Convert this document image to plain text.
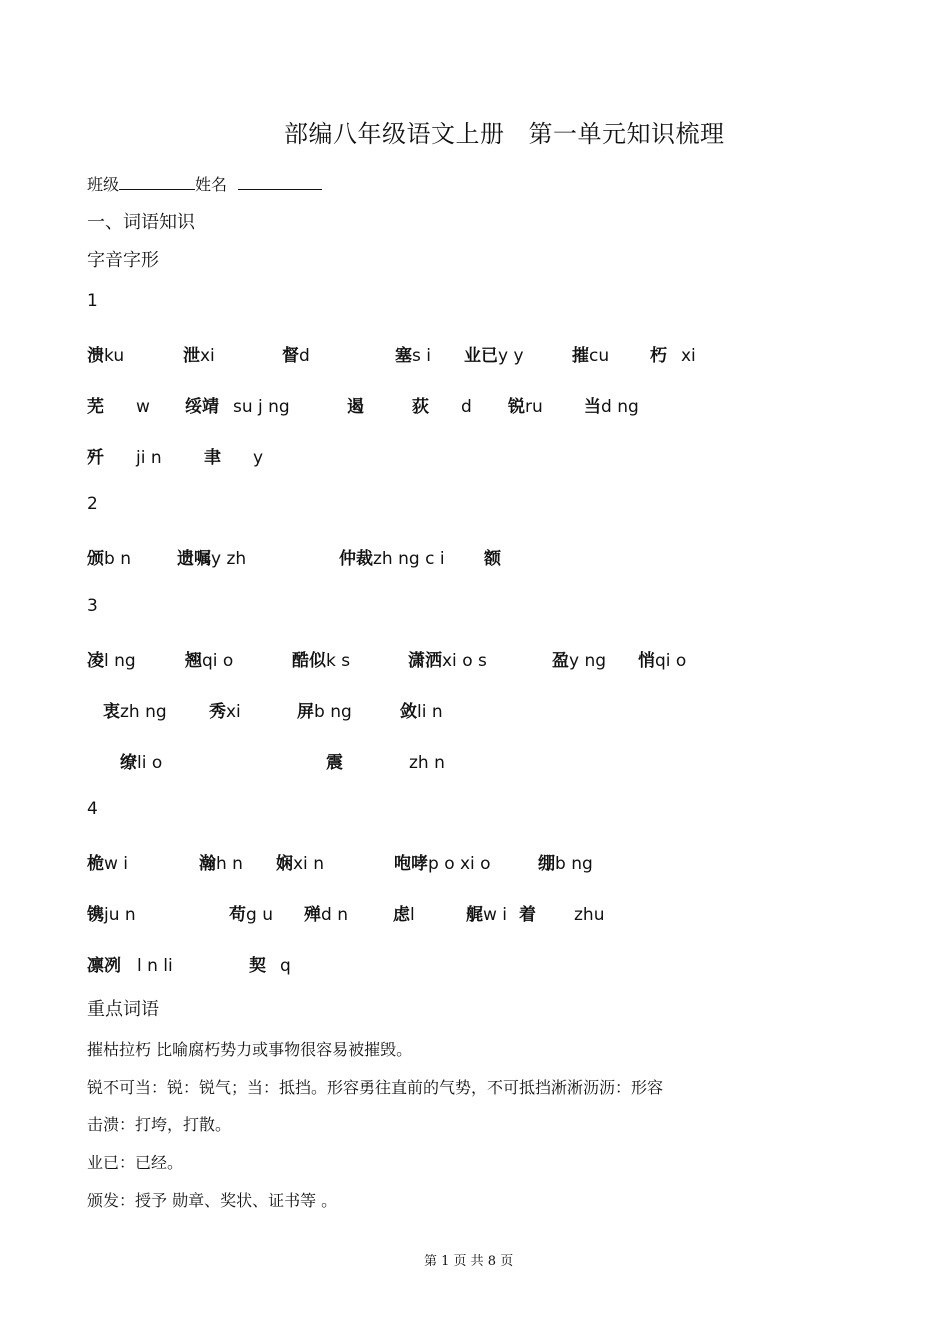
部编八年级语文上册 第一单元知识梳理
班级	姓名
一、词语知识
字音字形
1
溃ku	泄xi	督d	塞s i 业已y y	摧cu 朽 xi
芜 w 绥靖 su j ng	遏	荻 d 锐ru 当d ng
歼 ji n 聿 y
2
颁b n	遗嘱y zh	仲裁zh ng c i 额
3
凌l ng	翘qi o	酷似k s	潇洒xi o s	盈y ng 悄qi o
衷zh ng 秀xi	屏b ng	敛li n
缭li o	震	zh n
4
桅w i	瀚h n 娴xi n	咆哮p o xi o	绷b ng
镌ju n	苟g u 殚d n	虑l	艉w i 着 zhu
凛冽 l n li	契 q
重点词语
摧枯拉朽 比喻腐朽势力或事物很容易被摧毁。
锐不可当：锐：锐气；当：抵挡。形容勇往直前的气势，不可抵挡淅淅沥沥：形容
击溃：打垮，打散。
业已：已经。
颁发：授予 勋章、奖状、证书等 。
第 1 页 共 8 页
